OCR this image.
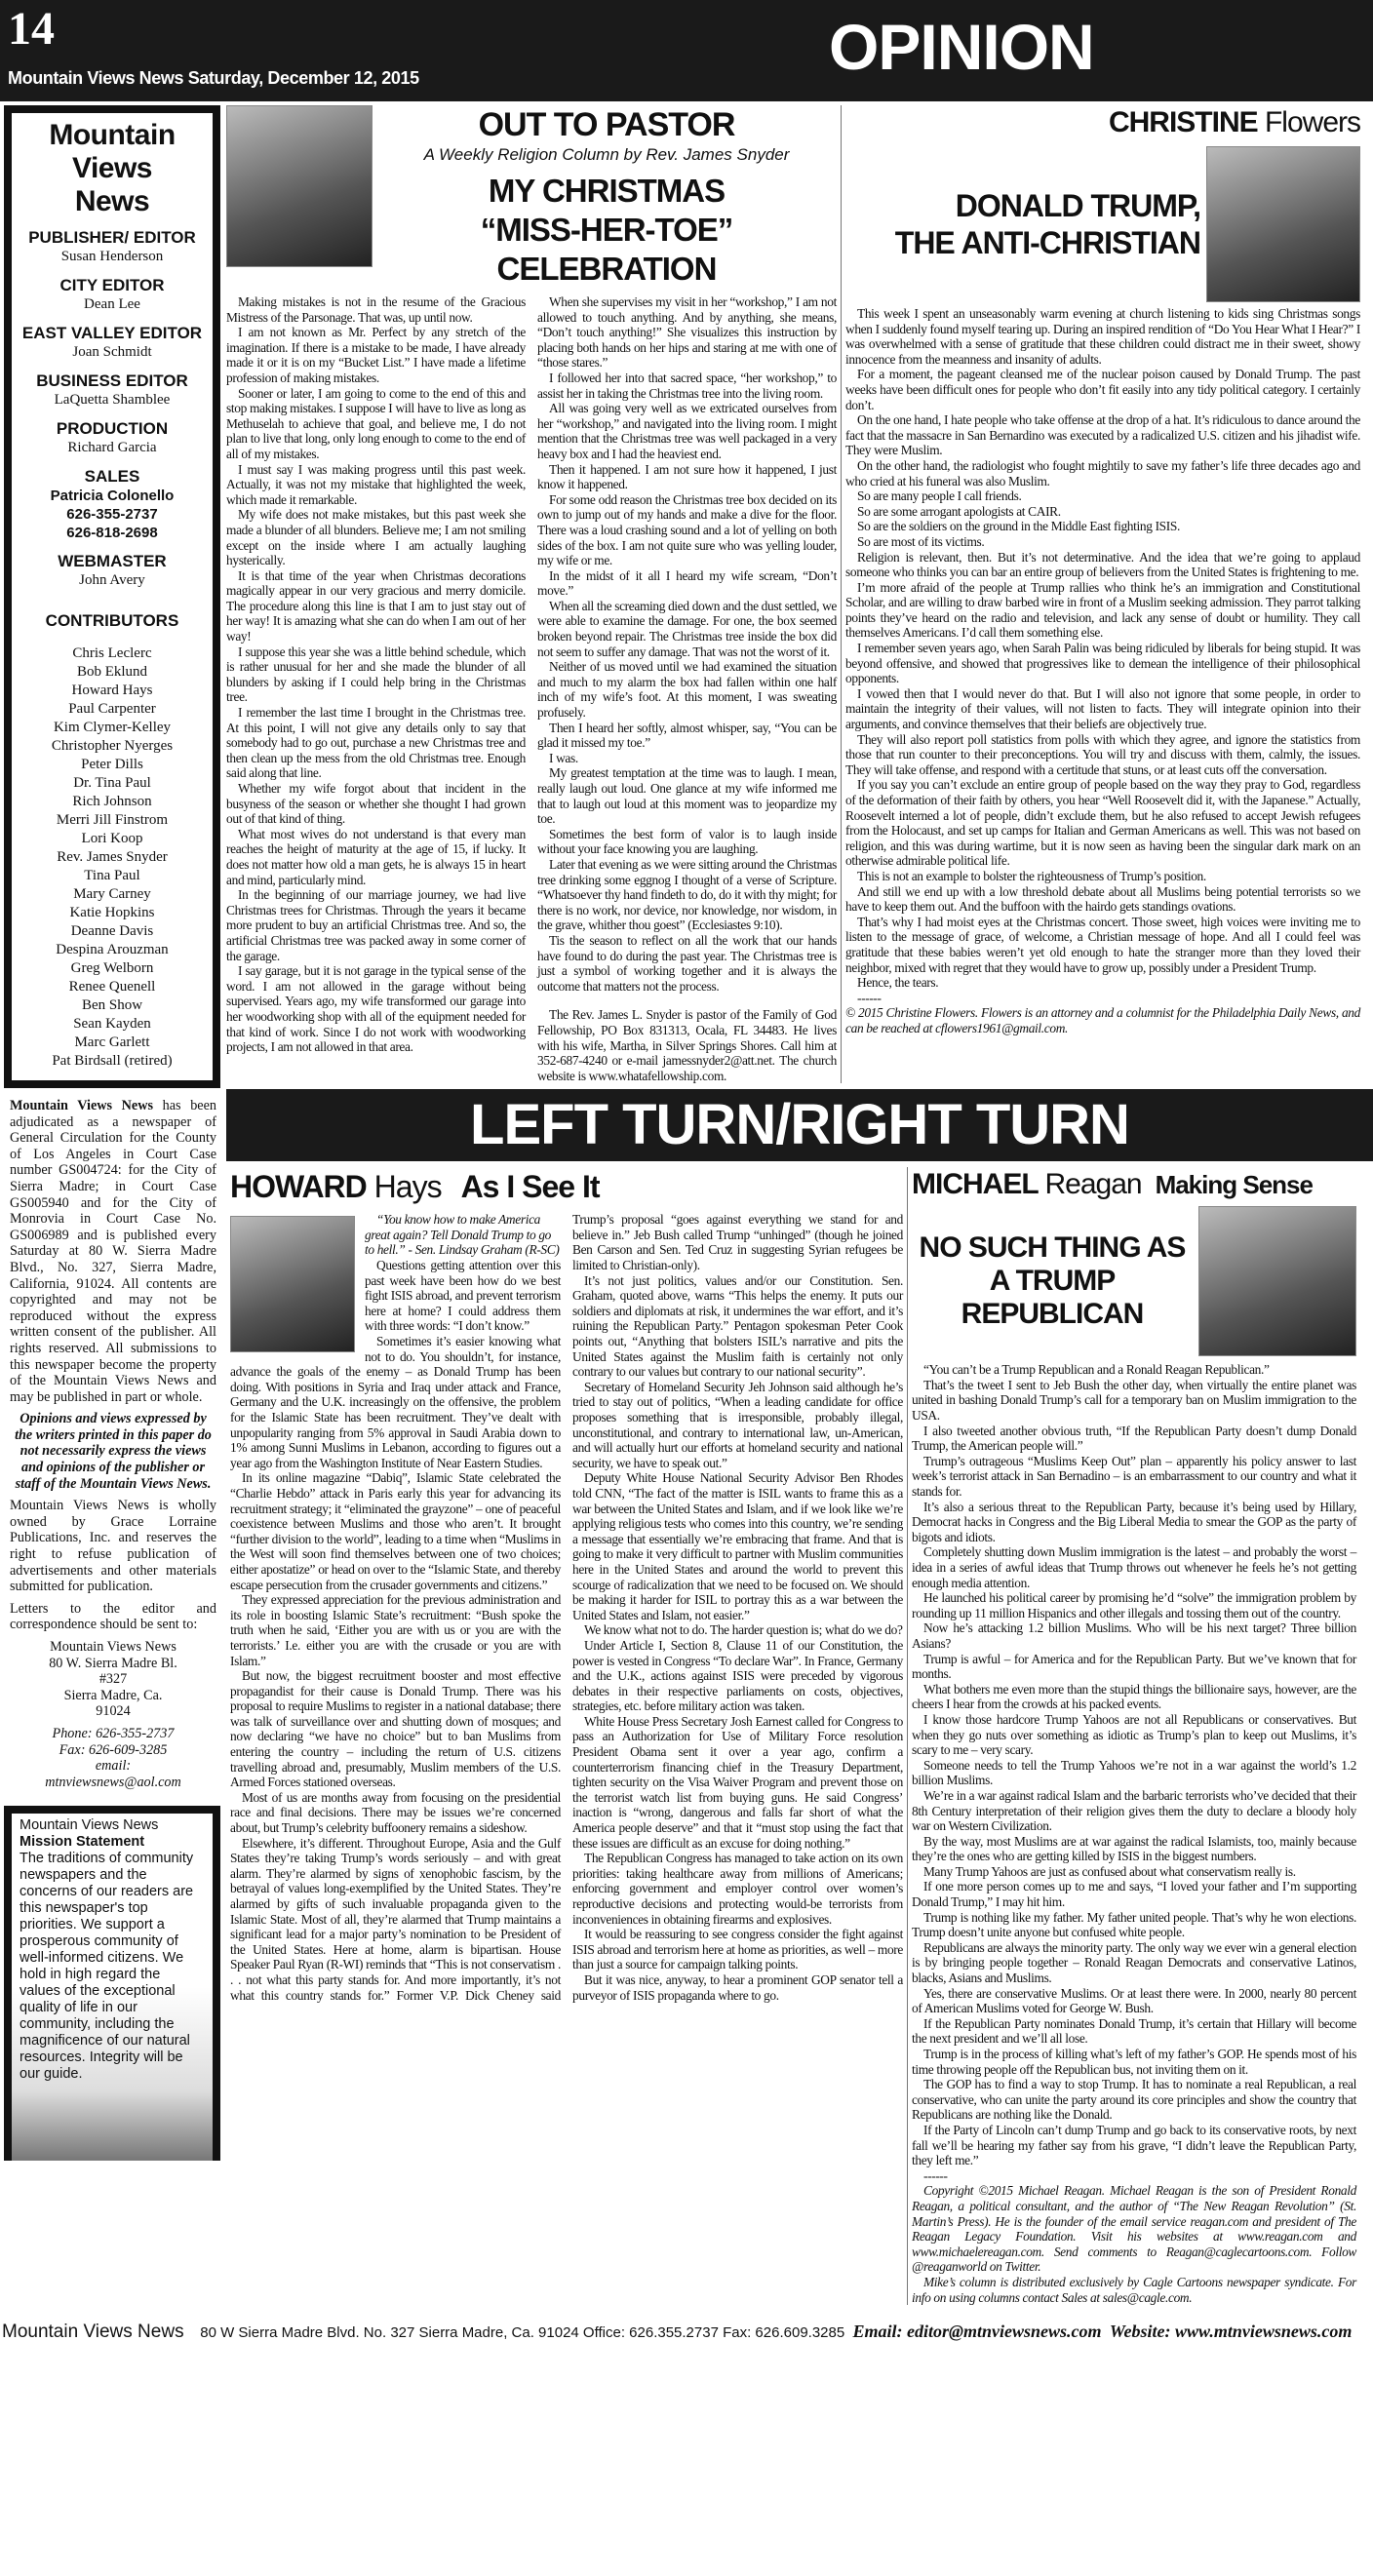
14
Mountain Views News Saturday, December 12, 2015	OPINION
Mountain
Views
News
PUBLISHER/ EDITOR
Susan Henderson
CITY EDITOR
Dean Lee
EAST VALLEY EDITOR
Joan Schmidt
BUSINESS EDITOR
LaQuetta Shamblee
PRODUCTION
Richard Garcia
SALES
Patricia Colonello
626-355-2737
626-818-2698
WEBMASTER
John Avery
CONTRIBUTORS
Chris Leclerc
Bob Eklund
Howard Hays
Paul Carpenter
Kim Clymer-Kelley
Christopher Nyerges
Peter Dills
Dr. Tina Paul
Rich Johnson
Merri Jill Finstrom
Lori Koop
Rev. James Snyder
Tina Paul
Mary Carney
Katie Hopkins
Deanne Davis
Despina Arouzman
Greg Welborn
Renee Quenell
Ben Show
Sean Kayden
Marc Garlett
Pat Birdsall (retired)

Mountain Views News has been adjudicated as a newspaper of General Circulation for the County of Los Angeles in Court Case number GS004724: for the City of Sierra Madre; in Court Case GS005940 and for the City of Monrovia in Court Case No. GS006989 and is published every Saturday at 80 W. Sierra Madre Blvd., No. 327, Sierra Madre, California, 91024. All contents are copyrighted and may not be reproduced without the express written consent of the publisher. All rights reserved. All submissions to this newspaper become the property of the Mountain Views News and may be published in part or whole.

Opinions and views expressed by the writers printed in this paper do not necessarily express the views and opinions of the publisher or staff of the Mountain Views News.

Mountain Views News is wholly owned by Grace Lorraine Publications, Inc. and reserves the right to refuse publication of advertisements and other materials submitted for publication.

Letters to the editor and correspondence should be sent to:

Mountain Views News
80 W. Sierra Madre Bl.
#327
Sierra Madre, Ca.
91024
Phone: 626-355-2737
Fax: 626-609-3285
email:
mtnviewsnews@aol.com
Mountain Views News
Mission Statement
The traditions of community newspapers and the concerns of our readers are this newspaper's top priorities. We support a prosperous community of well-informed citizens. We hold in high regard the values of the exceptional quality of life in our community, including the magnificence of our natural resources. Integrity will be our guide.
OUT TO PASTOR
A Weekly Religion Column by Rev. James Snyder
MY CHRISTMAS
“MISS-HER-TOE” CELEBRATION

Making mistakes is not in the resume of the Gracious Mistress of the Parsonage. That was, up until now.

I am not known as Mr. Perfect by any stretch of the imagination. If there is a mistake to be made, I have already made it or it is on my “Bucket List.” I have made a lifetime profession of making mistakes.

Sooner or later, I am going to come to the end of this and stop making mistakes. I suppose I will have to live as long as Methuselah to achieve that goal, and believe me, I do not plan to live that long, only long enough to come to the end of all of my mistakes.

I must say I was making progress until this past week. Actually, it was not my mistake that highlighted the week, which made it remarkable.

My wife does not make mistakes, but this past week she made a blunder of all blunders. Believe me; I am not smiling except on the inside where I am actually laughing hysterically.

It is that time of the year when Christmas decorations magically appear in our very gracious and merry domicile. The procedure along this line is that I am to just stay out of her way! It is amazing what she can do when I am out of her way!

I suppose this year she was a little behind schedule, which is rather unusual for her and she made the blunder of all blunders by asking if I could help bring in the Christmas tree.

I remember the last time I brought in the Christmas tree. At this point, I will not give any details only to say that somebody had to go out, purchase a new Christmas tree and then clean up the mess from the old Christmas tree. Enough said along that line.

Whether my wife forgot about that incident in the busyness of the season or whether she thought I had grown out of that kind of thing.

What most wives do not understand is that every man reaches the height of maturity at the age of 15, if lucky. It does not matter how old a man gets, he is always 15 in heart and mind, particularly mind.

In the beginning of our marriage journey, we had live Christmas trees for Christmas. Through the years it became more prudent to buy an artificial Christmas tree. And so, the artificial Christmas tree was packed away in some corner of the garage.

I say garage, but it is not garage in the typical sense of the word. I am not allowed in the garage without being supervised. Years ago, my wife transformed our garage into her woodworking shop with all of the equipment needed for that kind of work. Since I do not work with woodworking projects, I am not allowed in that area.

When she supervises my visit in her “workshop,” I am not allowed to touch anything. And by anything, she means, “Don’t touch anything!” She visualizes this instruction by placing both hands on her hips and staring at me with one of “those stares.”

I followed her into that sacred space, “her workshop,” to assist her in taking the Christmas tree into the living room.

All was going very well as we extricated ourselves from her “workshop,” and navigated into the living room. I might mention that the Christmas tree was well packaged in a very heavy box and I had the heaviest end.

Then it happened. I am not sure how it happened, I just know it happened.

For some odd reason the Christmas tree box decided on its own to jump out of my hands and make a dive for the floor. There was a loud crashing sound and a lot of yelling on both sides of the box. I am not quite sure who was yelling louder, my wife or me.

In the midst of it all I heard my wife scream, “Don’t move.”

When all the screaming died down and the dust settled, we were able to examine the damage. For one, the box seemed broken beyond repair. The Christmas tree inside the box did not seem to suffer any damage. That was not the worst of it.

Neither of us moved until we had examined the situation and much to my alarm the box had fallen within one half inch of my wife’s foot. At this moment, I was sweating profusely.

Then I heard her softly, almost whisper, say, “You can be glad it missed my toe.”

I was.

My greatest temptation at the time was to laugh. I mean, really laugh out loud. One glance at my wife informed me that to laugh out loud at this moment was to jeopardize my toe.

Sometimes the best form of valor is to laugh inside without your face knowing you are laughing.

Later that evening as we were sitting around the Christmas tree drinking some eggnog I thought of a verse of Scripture. “Whatsoever thy hand findeth to do, do it with thy might; for there is no work, nor device, nor knowledge, nor wisdom, in the grave, whither thou goest” (Ecclesiastes 9:10).

Tis the season to reflect on all the work that our hands have found to do during the past year. The Christmas tree is just a symbol of working together and it is always the outcome that matters not the process.

The Rev. James L. Snyder is pastor of the Family of God Fellowship, PO Box 831313, Ocala, FL 34483. He lives with his wife, Martha, in Silver Springs Shores. Call him at 352-687-4240 or e-mail jamessnyder2@att.net. The church website is www.whatafellowship.com.

CHRISTINE Flowers
DONALD TRUMP,
THE ANTI-CHRISTIAN

This week I spent an unseasonably warm evening at church listening to kids sing Christmas songs when I suddenly found myself tearing up. During an inspired rendition of “Do You Hear What I Hear?” I was overwhelmed with a sense of gratitude that these children could distract me in their sweet, showy innocence from the meanness and insanity of adults.

For a moment, the pageant cleansed me of the nuclear poison caused by Donald Trump. The past weeks have been difficult ones for people who don’t fit easily into any tidy political category. I certainly don’t.

On the one hand, I hate people who take offense at the drop of a hat. It’s ridiculous to dance around the fact that the massacre in San Bernardino was executed by a radicalized U.S. citizen and his jihadist wife. They were Muslim.

On the other hand, the radiologist who fought mightily to save my father’s life three decades ago and who cried at his funeral was also Muslim.

So are many people I call friends.

So are some arrogant apologists at CAIR.

So are the soldiers on the ground in the Middle East fighting ISIS.

So are most of its victims.

Religion is relevant, then. But it’s not determinative. And the idea that we’re going to applaud someone who thinks you can bar an entire group of believers from the United States is frightening to me.

I’m more afraid of the people at Trump rallies who think he’s an immigration and Constitutional Scholar, and are willing to draw barbed wire in front of a Muslim seeking admission. They parrot talking points they’ve heard on the radio and television, and lack any sense of doubt or humility. They call themselves Americans. I’d call them something else.

I remember seven years ago, when Sarah Palin was being ridiculed by liberals for being stupid. It was beyond offensive, and showed that progressives like to demean the intelligence of their philosophical opponents.

I vowed then that I would never do that. But I will also not ignore that some people, in order to maintain the integrity of their values, will not listen to facts. They will integrate opinion into their arguments, and convince themselves that their beliefs are objectively true.

They will also report poll statistics from polls with which they agree, and ignore the statistics from those that run counter to their preconceptions. You will try and discuss with them, calmly, the issues. They will take offense, and respond with a certitude that stuns, or at least cuts off the conversation.

If you say you can’t exclude an entire group of people based on the way they pray to God, regardless of the deformation of their faith by others, you hear “Well Roosevelt did it, with the Japanese.” Actually, Roosevelt interned a lot of people, didn’t exclude them, but he also refused to accept Jewish refugees from the Holocaust, and set up camps for Italian and German Americans as well. This was not based on religion, and this was during wartime, but it is now seen as having been the singular dark mark on an otherwise admirable political life.

This is not an example to bolster the righteousness of Trump’s position.

And still we end up with a low threshold debate about all Muslims being potential terrorists so we have to keep them out. And the buffoon with the hairdo gets standings ovations.

That’s why I had moist eyes at the Christmas concert. Those sweet, high voices were inviting me to listen to the message of grace, of welcome, a Christian message of hope. And all I could feel was gratitude that these babies weren’t yet old enough to hate the stranger more than they loved their neighbor, mixed with regret that they would have to grow up, possibly under a President Trump.

Hence, the tears.

------

© 2015 Christine Flowers. Flowers is an attorney and a columnist for the Philadelphia Daily News, and can be reached at cflowers1961@gmail.com.

LEFT TURN/RIGHT TURN
HOWARD Hays As I See It

“You know how to make America great again? Tell Donald Trump to go to hell.” - Sen. Lindsay Graham (R-SC)

Questions getting attention over this past week have been how do we best fight ISIS abroad, and prevent terrorism here at home? I could address them with three words: “I don’t know.”

Sometimes it’s easier knowing what not to do. You shouldn’t, for instance, advance the goals of the enemy – as Donald Trump has been doing. With positions in Syria and Iraq under attack and France, Germany and the U.K. increasingly on the offensive, the problem for the Islamic State has been recruitment. They’ve dealt with unpopularity ranging from 5% approval in Saudi Arabia down to 1% among Sunni Muslims in Lebanon, according to figures out a year ago from the Washington Institute of Near Eastern Studies.

In its online magazine “Dabiq”, Islamic State celebrated the “Charlie Hebdo” attack in Paris early this year for advancing its recruitment strategy; it “eliminated the grayzone” – one of peaceful coexistence between Muslims and those who aren’t. It brought “further division to the world”, leading to a time when “Muslims in the West will soon find themselves between one of two choices; either apostatize” or head on over to the “Islamic State, and thereby escape persecution from the crusader governments and citizens.”

They expressed appreciation for the previous administration and its role in boosting Islamic State’s recruitment: “Bush spoke the truth when he said, ‘Either you are with us or you are with the terrorists.’ I.e. either you are with the crusade or you are with Islam.”

But now, the biggest recruitment booster and most effective propagandist for their cause is Donald Trump. There was his proposal to require Muslims to register in a national database; there was talk of surveillance over and shutting down of mosques; and now declaring “we have no choice” but to ban Muslims from entering the country – including the return of U.S. citizens travelling abroad and, presumably, Muslim members of the U.S. Armed Forces stationed overseas.

Most of us are months away from focusing on the presidential race and final decisions. There may be issues we’re concerned about, but Trump’s celebrity buffoonery remains a sideshow.

Elsewhere, it’s different. Throughout Europe, Asia and the Gulf States they’re taking Trump’s words seriously – and with great alarm. They’re alarmed by signs of xenophobic fascism, by the betrayal of values long-exemplified by the United States. They’re alarmed by gifts of such invaluable propaganda given to the Islamic State. Most of all, they’re alarmed that Trump maintains a significant lead for a major party’s nomination to be President of the United States. Here at home, alarm is bipartisan. House Speaker Paul Ryan (R-WI) reminds that “This is not conservatism . . . not what this party stands for. And more importantly, it’s not what this country stands for.” Former V.P. Dick Cheney said Trump’s proposal “goes against everything we stand for and believe in.” Jeb Bush called Trump “unhinged” (though he joined Ben Carson and Sen. Ted Cruz in suggesting Syrian refugees be limited to Christian-only).

It’s not just politics, values and/or our Constitution. Sen. Graham, quoted above, warns “This helps the enemy. It puts our soldiers and diplomats at risk, it undermines the war effort, and it’s ruining the Republican Party.” Pentagon spokesman Peter Cook points out, “Anything that bolsters ISIL’s narrative and pits the United States against the Muslim faith is certainly not only contrary to our values but contrary to our national security”.

Secretary of Homeland Security Jeh Johnson said although he’s tried to stay out of politics, “When a leading candidate for office proposes something that is irresponsible, probably illegal, unconstitutional, and contrary to international law, un-American, and will actually hurt our efforts at homeland security and national security, we have to speak out.”

Deputy White House National Security Advisor Ben Rhodes told CNN, “The fact of the matter is ISIL wants to frame this as a war between the United States and Islam, and if we look like we’re applying religious tests who comes into this country, we’re sending a message that essentially we’re embracing that frame. And that is going to make it very difficult to partner with Muslim communities here in the United States and around the world to prevent this scourge of radicalization that we need to be focused on. We should be making it harder for ISIL to portray this as a war between the United States and Islam, not easier.”

We know what not to do. The harder question is; what do we do?

Under Article I, Section 8, Clause 11 of our Constitution, the power is vested in Congress “To declare War”. In France, Germany and the U.K., actions against ISIS were preceded by vigorous debates in their respective parliaments on costs, objectives, strategies, etc. before military action was taken.

White House Press Secretary Josh Earnest called for Congress to pass an Authorization for Use of Military Force resolution President Obama sent it over a year ago, confirm a counterterrorism financing chief in the Treasury Department, tighten security on the Visa Waiver Program and prevent those on the terrorist watch list from buying guns. He said Congress’ inaction is “wrong, dangerous and falls far short of what the America people deserve” and that it “must stop using the fact that these issues are difficult as an excuse for doing nothing.”

The Republican Congress has managed to take action on its own priorities: taking healthcare away from millions of Americans; enforcing government and employer control over women’s reproductive decisions and protecting would-be terrorists from inconveniences in obtaining firearms and explosives.

It would be reassuring to see congress consider the fight against ISIS abroad and terrorism here at home as priorities, as well – more than just a source for campaign talking points.

But it was nice, anyway, to hear a prominent GOP senator tell a purveyor of ISIS propaganda where to go.

MICHAEL Reagan Making Sense
NO SUCH THING AS A TRUMP REPUBLICAN

“You can’t be a Trump Republican and a Ronald Reagan Republican.”

That’s the tweet I sent to Jeb Bush the other day, when virtually the entire planet was united in bashing Donald Trump’s call for a temporary ban on Muslim immigration to the USA.

I also tweeted another obvious truth, “If the Republican Party doesn’t dump Donald Trump, the American people will.”

Trump’s outrageous “Muslims Keep Out” plan – apparently his policy answer to last week’s terrorist attack in San Bernadino – is an embarrassment to our country and what it stands for.

It’s also a serious threat to the Republican Party, because it’s being used by Hillary, Democrat hacks in Congress and the Big Liberal Media to smear the GOP as the party of bigots and idiots.

Completely shutting down Muslim immigration is the latest – and probably the worst – idea in a series of awful ideas that Trump throws out whenever he feels he’s not getting enough media attention.

He launched his political career by promising he’d “solve” the immigration problem by rounding up 11 million Hispanics and other illegals and tossing them out of the country.

Now he’s attacking 1.2 billion Muslims. Who will be his next target? Three billion Asians?

Trump is awful – for America and for the Republican Party. But we’ve known that for months.

What bothers me even more than the stupid things the billionaire says, however, are the cheers I hear from the crowds at his packed events.

I know those hardcore Trump Yahoos are not all Republicans or conservatives. But when they go nuts over something as idiotic as Trump’s plan to keep out Muslims, it’s scary to me – very scary.

Someone needs to tell the Trump Yahoos we’re not in a war against the world’s 1.2 billion Muslims.

We’re in a war against radical Islam and the barbaric terrorists who’ve decided that their 8th Century interpretation of their religion gives them the duty to declare a bloody holy war on Western Civilization.

By the way, most Muslims are at war against the radical Islamists, too, mainly because they’re the ones who are getting killed by ISIS in the biggest numbers.

Many Trump Yahoos are just as confused about what conservatism really is.

If one more person comes up to me and says, “I loved your father and I’m supporting Donald Trump,” I may hit him.

Trump is nothing like my father. My father united people. That’s why he won elections. Trump doesn’t unite anyone but confused white people.

Republicans are always the minority party. The only way we ever win a general election is by bringing people together – Ronald Reagan Democrats and conservative Latinos, blacks, Asians and Muslims.

Yes, there are conservative Muslims. Or at least there were. In 2000, nearly 80 percent of American Muslims voted for George W. Bush.

If the Republican Party nominates Donald Trump, it’s certain that Hillary will become the next president and we’ll all lose.

Trump is in the process of killing what’s left of my father’s GOP. He spends most of his time throwing people off the Republican bus, not inviting them on it.

The GOP has to find a way to stop Trump. It has to nominate a real Republican, a real conservative, who can unite the party around its core principles and show the country that Republicans are nothing like the Donald.

If the Party of Lincoln can’t dump Trump and go back to its conservative roots, by next fall we’ll be hearing my father say from his grave, “I didn’t leave the Republican Party, they left me.”

------

Copyright ©2015 Michael Reagan. Michael Reagan is the son of President Ronald Reagan, a political consultant, and the author of “The New Reagan Revolution” (St. Martin’s Press). He is the founder of the email service reagan.com and president of The Reagan Legacy Foundation. Visit his websites at www.reagan.com and www.michaelereagan.com. Send comments to Reagan@caglecartoons.com. Follow @reaganworld on Twitter.

Mike’s column is distributed exclusively by Cagle Cartoons newspaper syndicate. For info on using columns contact Sales at sales@cagle.com.

Mountain Views News 80 W Sierra Madre Blvd. No. 327 Sierra Madre, Ca. 91024 Office: 626.355.2737 Fax: 626.609.3285 Email: editor@mtnviewsnews.com Website: www.mtnviewsnews.com
